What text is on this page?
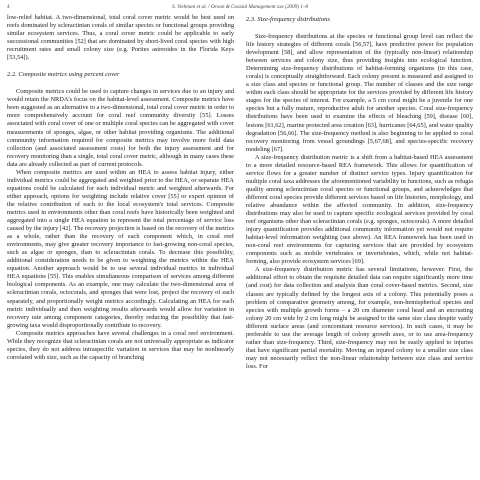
4	S. Viehman et al. / Ocean & Coastal Management xxx (2009) 1–8

low-relief habitat. A two-dimensional, total coral cover metric would be best used on reefs dominated by scleractinian corals of similar species or functional groups providing similar ecosystem services. Thus, a coral cover metric could be applicable to early successional communities [52] that are dominated by short-lived coral species with high recruitment rates and small colony size (e.g. Porites astreoides in the Florida Keys [53,54]).

2.2. Composite metrics using percent cover

Composite metrics could be used to capture changes in services due to an injury and would retain the NRDA's focus on the habitat-level assessment. Composite metrics have been suggested as an alternative to a two-dimensional, total coral cover metric in order to more comprehensively account for coral reef community diversity [55]. Losses associated with coral cover of one or multiple coral species can be aggregated with cover measurements of sponges, algae, or other habitat providing organisms. The additional community information required for composite metrics may involve more field data collection (and associated assessment costs) for both the injury assessment and for recovery monitoring than a single, total coral cover metric, although in many cases these data are already collected as part of current protocols.

When composite metrics are used within an HEA to assess habitat injury, either individual metrics could be aggregated and weighted prior to the HEA, or separate HEA equations could be calculated for each individual metric and weighted afterwards. For either approach, options for weighting include relative cover [55] or expert opinion of the relative contribution of each to the local ecosystem's total services. Composite metrics used in environments other than coral reefs have historically been weighted and aggregated into a single HEA equation to represent the total percentage of service loss caused by the injury [42]. The recovery projection is based on the recovery of the metrics as a whole, rather than the recovery of each component which, in coral reef environments, may give greater recovery importance to fast-growing non-coral species, such as algae or sponges, than to scleractinian corals. To decrease this possibility, additional consideration needs to be given to weighting the metrics within the HEA equation. Another approach would be to use several individual metrics in individual HEA equations [55]. This enables simultaneous comparison of services among different biological components. As an example, one may calculate the two-dimensional area of scleractinian corals, octocorals, and sponges that were lost, project the recovery of each separately, and proportionally weight metrics accordingly. Calculating an HEA for each metric individually and then weighting results afterwards would allow for variation in recovery rate among component categories, thereby reducing the possibility that fast-growing taxa would disproportionally contribute to recovery.

Composite metrics approaches have several challenges in a coral reef environment. While they recognize that scleractinian corals are not universally appropriate as indicator species, they do not address intraspecific variation in services that may be nonlinearly correlated with size, such as the capacity of branching

2.3. Size-frequency distributions

Size-frequency distributions at the species or functional group level can reflect the life history strategies of different corals [56,57], have predictive power for population development [58], and allow representation of the (typically non-linear) relationship between services and colony size, thus providing insights into ecological function. Determining size-frequency distributions of habitat-forming organisms (in this case, corals) is conceptually straightforward. Each colony present is measured and assigned to a size class and species or functional group. The number of classes and the size range within each class should be appropriate for the services provided by different life history stages for the species of interest. For example, a 5 cm coral might be a juvenile for one species but a fully mature, reproductive adult for another species. Coral size-frequency distributions have been used to examine the effects of bleaching [59], disease [60], lesions [61,62], marine protected area creation [63], hurricanes [64,65], and water quality degradation [56,66]. The size-frequency method is also beginning to be applied to coral recovery monitoring from vessel groundings [5,67,68], and species-specific recovery modeling [67].

A size-frequency distribution metric is a shift from a habitat-based HEA assessment to a more detailed resource-based REA framework. This allows for quantification of service flows for a greater number of distinct service types. Injury quantification for multiple coral taxa addresses the aforementioned variability in functions, such as refugia quality among scleractinian coral species or functional groups, and acknowledges that different coral species provide different services based on life histories, morphology, and relative abundance within the affected community. In addition, size-frequency distributions may also be used to capture specific ecological services provided by coral reef organisms other than scleractinian corals (e.g. sponges, octocorals). A more detailed injury quantification provides additional community information yet would not require habitat-level information weighting (see above). An REA framework has been used in non-coral reef environments for capturing services that are provided by ecosystem components such as mobile vertebrates or invertebrates, which, while not habitat-forming, also provide ecosystem services [69].

A size-frequency distribution metric has several limitations, however. First, the additional effort to obtain the requisite detailed data can require significantly more time (and cost) for data collection and analysis than coral cover-based metrics. Second, size classes are typically defined by the longest axis of a colony. This potentially poses a problem of comparative geometry among, for example, non-hemispherical species and species with multiple growth forms – a 20 cm diameter coral head and an encrusting colony 20 cm wide by 2 cm long might be assigned to the same size class despite vastly different surface areas (and concomitant resource services). In such cases, it may be preferable to use the average length of colony growth axes, or to use area-frequency rather than size-frequency. Third, size-frequency may not be easily applied to injuries that have significant partial mortality. Moving an injured colony to a smaller size class may not necessarily reflect the non-linear relationship between size class and service loss. For
